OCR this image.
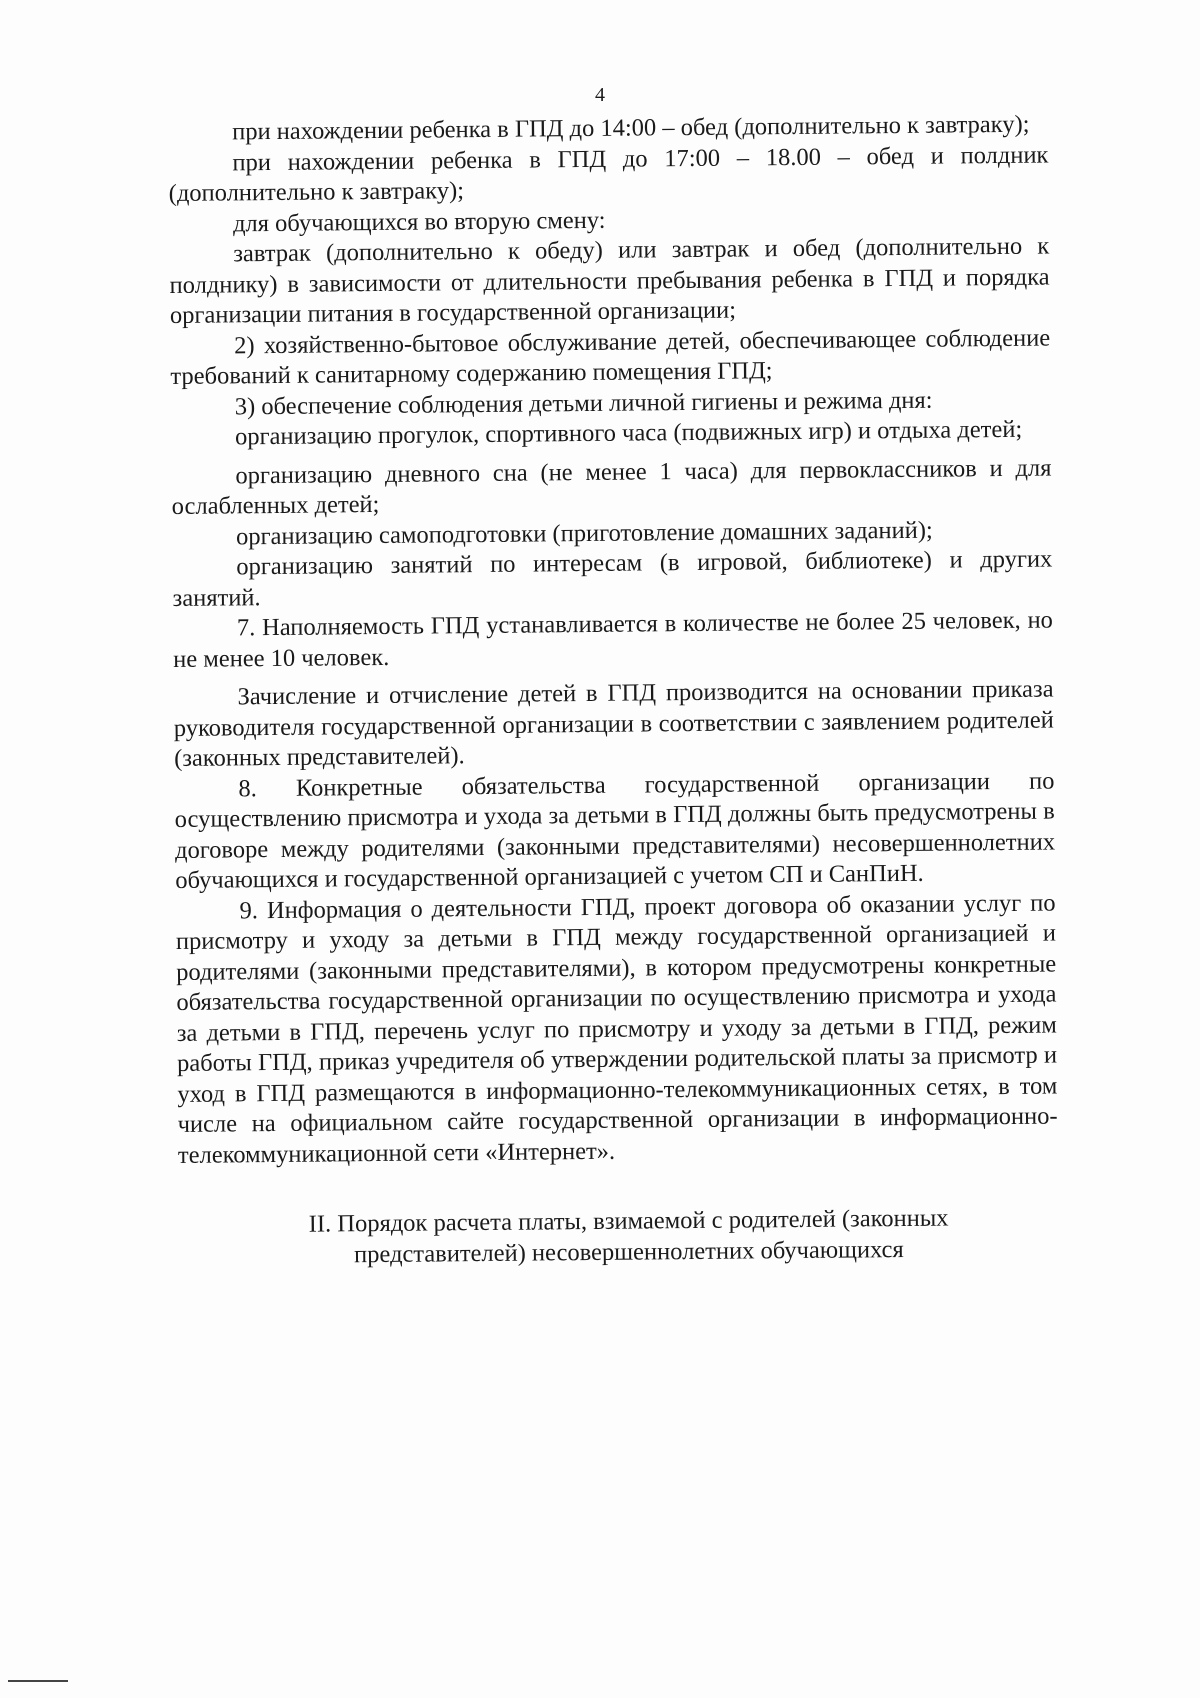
4

при нахождении ребенка в ГПД до 14:00 – обед (дополнительно к завтраку);

при нахождении ребенка в ГПД до 17:00 – 18.00 – обед и полдник (дополнительно к завтраку);

для обучающихся во вторую смену:

завтрак (дополнительно к обеду) или завтрак и обед (дополнительно к полднику) в зависимости от длительности пребывания ребенка в ГПД и порядка организации питания в государственной организации;

2) хозяйственно-бытовое обслуживание детей, обеспечивающее соблюдение требований к санитарному содержанию помещения ГПД;

3) обеспечение соблюдения детьми личной гигиены и режима дня:

организацию прогулок, спортивного часа (подвижных игр) и отдыха детей;

организацию дневного сна (не менее 1 часа) для первоклассников и для ослабленных детей;

организацию самоподготовки (приготовление домашних заданий);

организацию занятий по интересам (в игровой, библиотеке) и других занятий.

7. Наполняемость ГПД устанавливается в количестве не более 25 человек, но не менее 10 человек.

Зачисление и отчисление детей в ГПД производится на основании приказа руководителя государственной организации в соответствии с заявлением родителей (законных представителей).

8. Конкретные обязательства государственной организации по осуществлению присмотра и ухода за детьми в ГПД должны быть предусмотрены в договоре между родителями (законными представителями) несовершеннолетних обучающихся и государственной организацией с учетом СП и СанПиН.

9. Информация о деятельности ГПД, проект договора об оказании услуг по присмотру и уходу за детьми в ГПД между государственной организацией и родителями (законными представителями), в котором предусмотрены конкретные обязательства государственной организации по осуществлению присмотра и ухода за детьми в ГПД, перечень услуг по присмотру и уходу за детьми в ГПД, режим работы ГПД, приказ учредителя об утверждении родительской платы за присмотр и уход в ГПД размещаются в информационно-телекоммуникационных сетях, в том числе на официальном сайте государственной организации в информационно-телекоммуникационной сети «Интернет».

II. Порядок расчета платы, взимаемой с родителей (законных представителей) несовершеннолетних обучающихся
